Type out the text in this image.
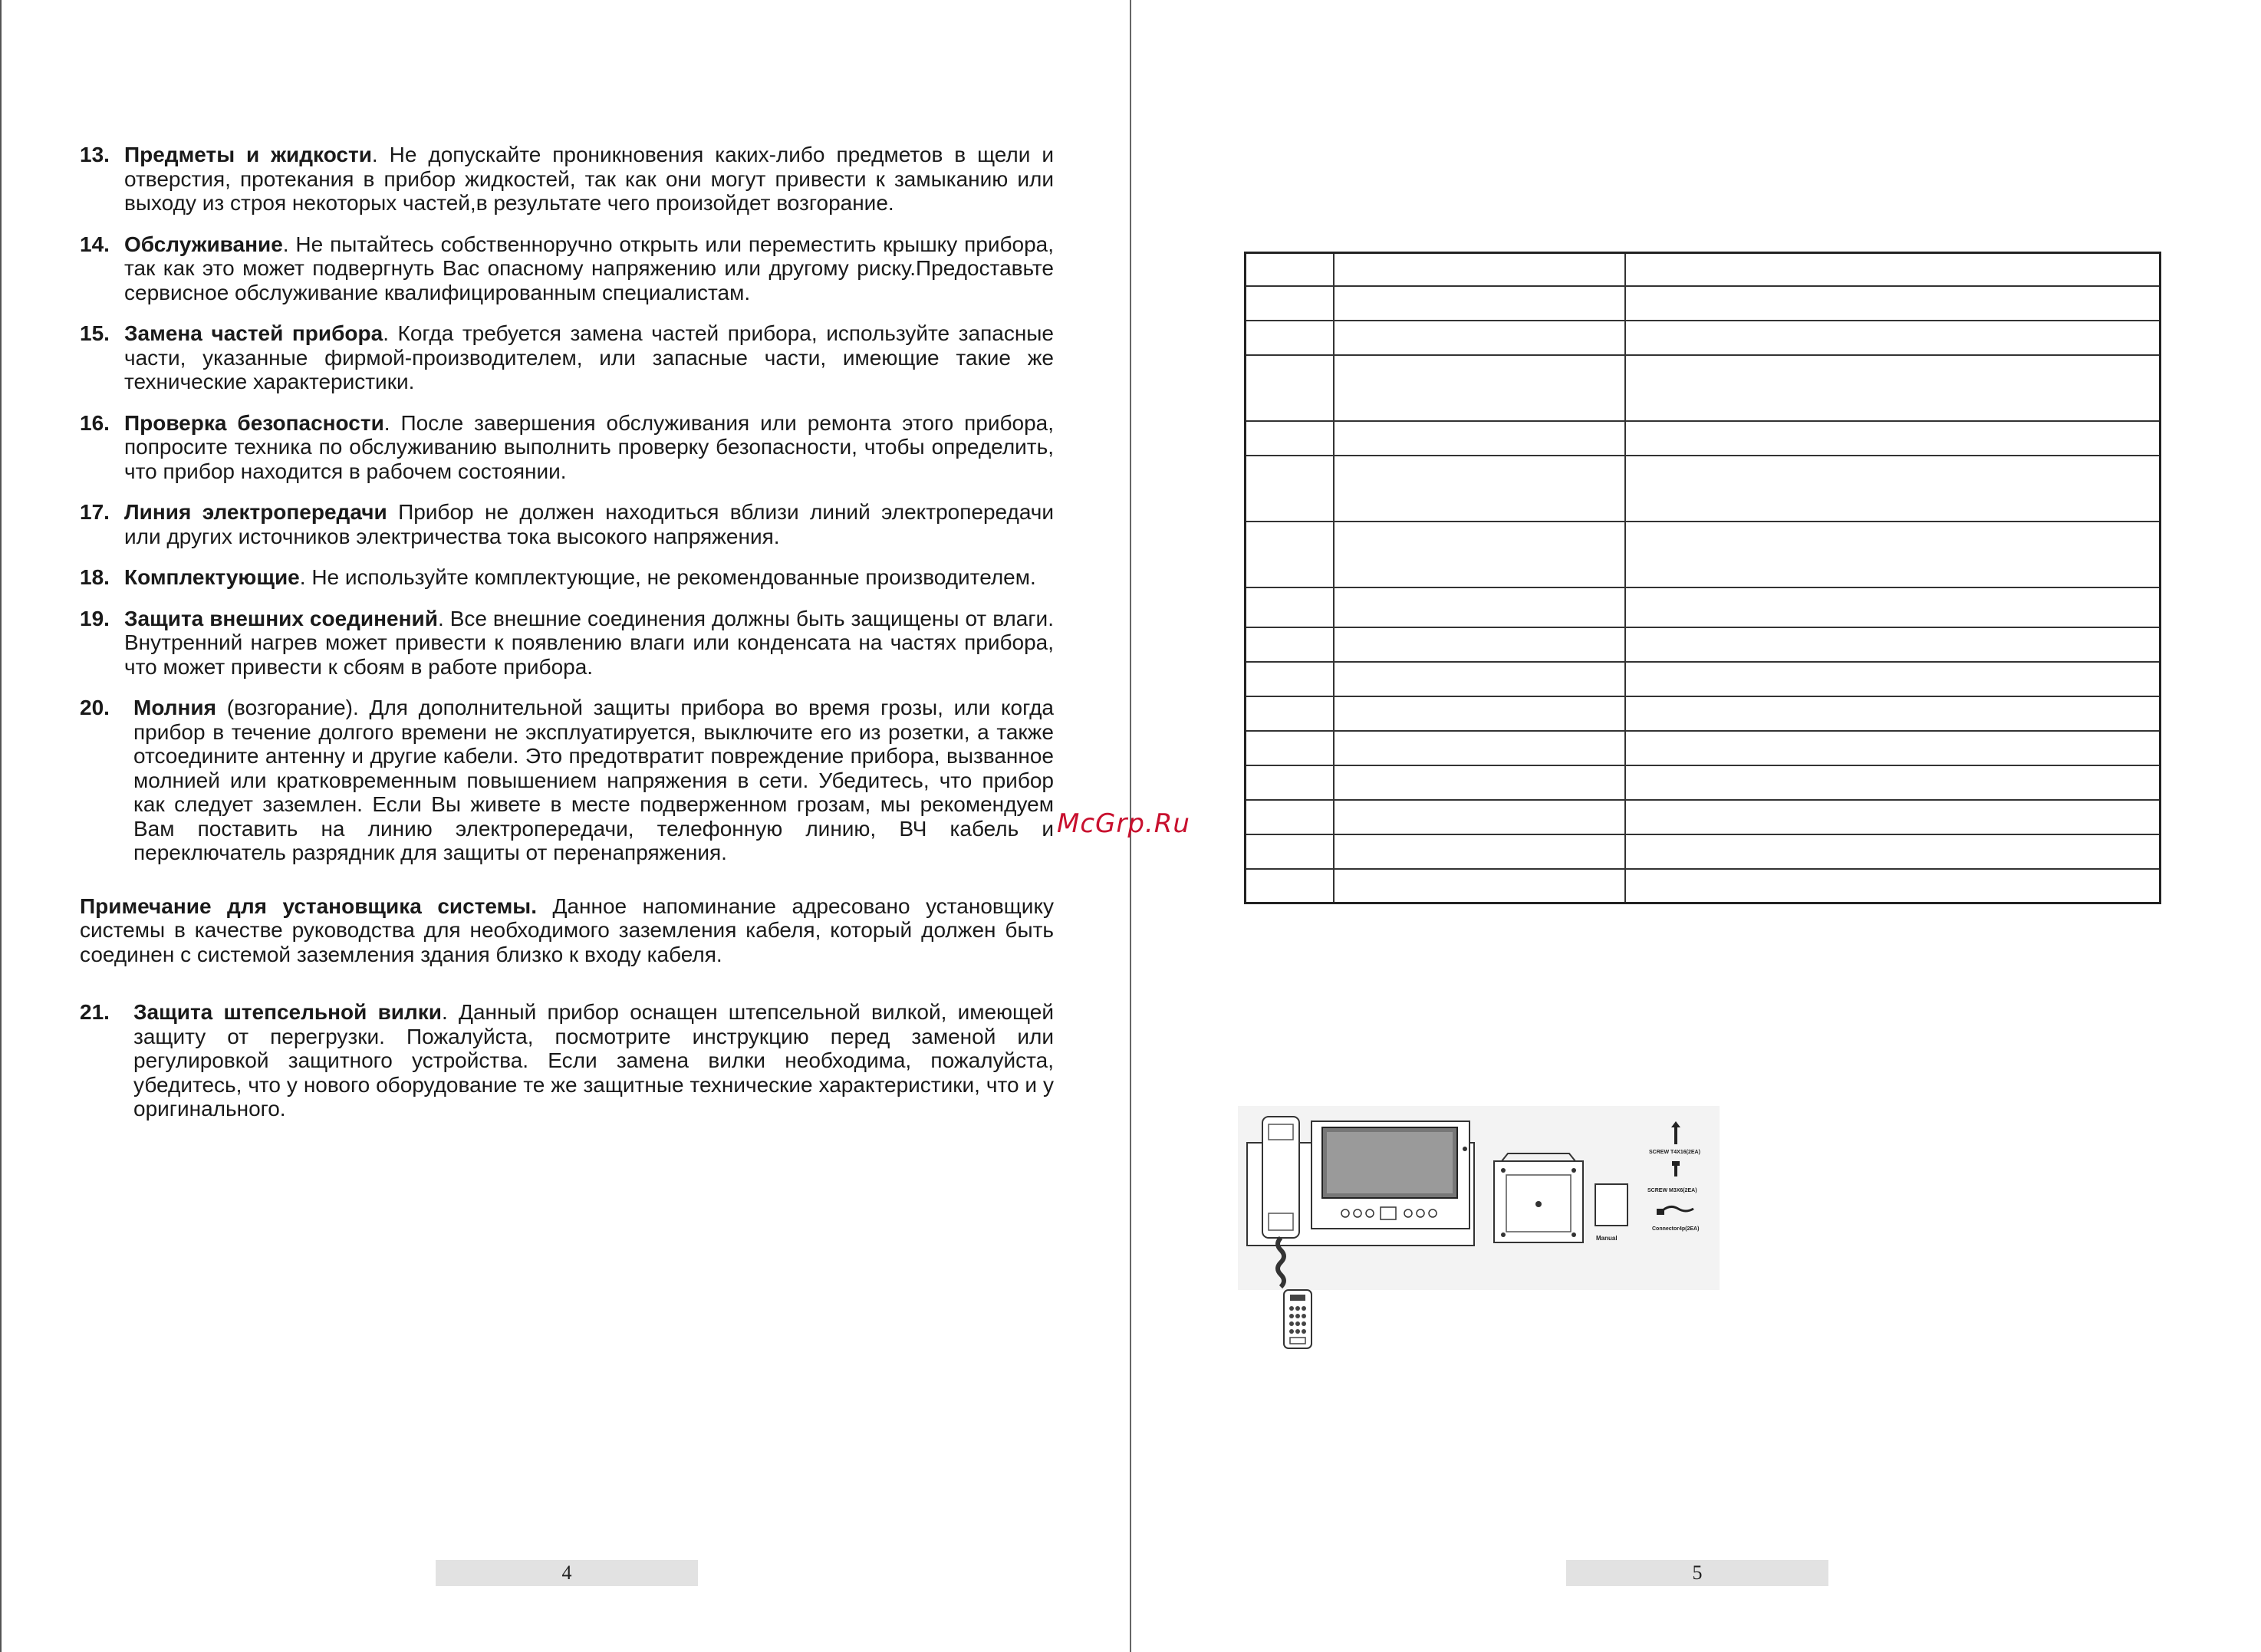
13. Предметы и жидкости. Не допускайте проникновения каких-либо предметов в щели и отверстия, протекания в прибор жидкостей, так как они могут привести к замыканию или выходу из строя некоторых частей,в результате чего произойдет возгорание.
14. Обслуживание. Не пытайтесь собственноручно открыть или переместить крышку прибора, так как это может подвергнуть Вас опасному напряжению или другому риску.Предоставьте сервисное обслуживание квалифицированным специалистам.
15. Замена частей прибора. Когда требуется замена частей прибора, используйте запасные части, указанные фирмой-производителем, или запасные части, имеющие такие же технические характеристики.
16. Проверка безопасности. После завершения обслуживания или ремонта этого прибора, попросите техника по обслуживанию выполнить проверку безопасности, чтобы определить, что прибор находится в рабочем состоянии.
17. Линия электропередачи Прибор не должен находиться вблизи линий электропередачи или других источников электричества тока высокого напряжения.
18. Комплектующие. Не используйте комплектующие, не рекомендованные производителем.
19. Защита внешних соединений. Все внешние соединения должны быть защищены от влаги. Внутренний нагрев может привести к появлению влаги или конденсата на частях прибора, что может привести к сбоям в работе прибора.
20.	Молния (возгорание). Для дополнительной защиты прибора во время грозы, или когда прибор в течение долгого времени не эксплуатируется, выключите его из розетки, а также отсоедините антенну и другие кабели. Это предотвратит повреждение прибора, вызванное молнией или кратковременным повышением напряжения в сети. Убедитесь, что прибор как следует заземлен. Если Вы живете в месте подверженном грозам, мы рекомендуем Вам поставить на линию электропередачи, телефонную линию, ВЧ кабель и переключатель разрядник для защиты от перенапряжения.
Примечание для установщика системы. Данное напоминание адресовано установщику системы в качестве руководства для необходимого заземления кабеля, который должен быть соединен с системой заземления здания близко к входу кабеля.
21.	Защита штепсельной вилки. Данный прибор оснащен штепсельной вилкой, имеющей защиту от перегрузки. Пожалуйста, посмотрите инструкцию перед заменой или регулировкой защитного устройства. Если замена вилки необходима, пожалуйста, убедитесь, что у нового оборудование те же защитные технические характеристики, что и у оригинального.
4
McGrp.Ru
5

Manual
SCREW T4X16(2EA)
SCREW M3X6(2EA)
Connector4p(2EA)
